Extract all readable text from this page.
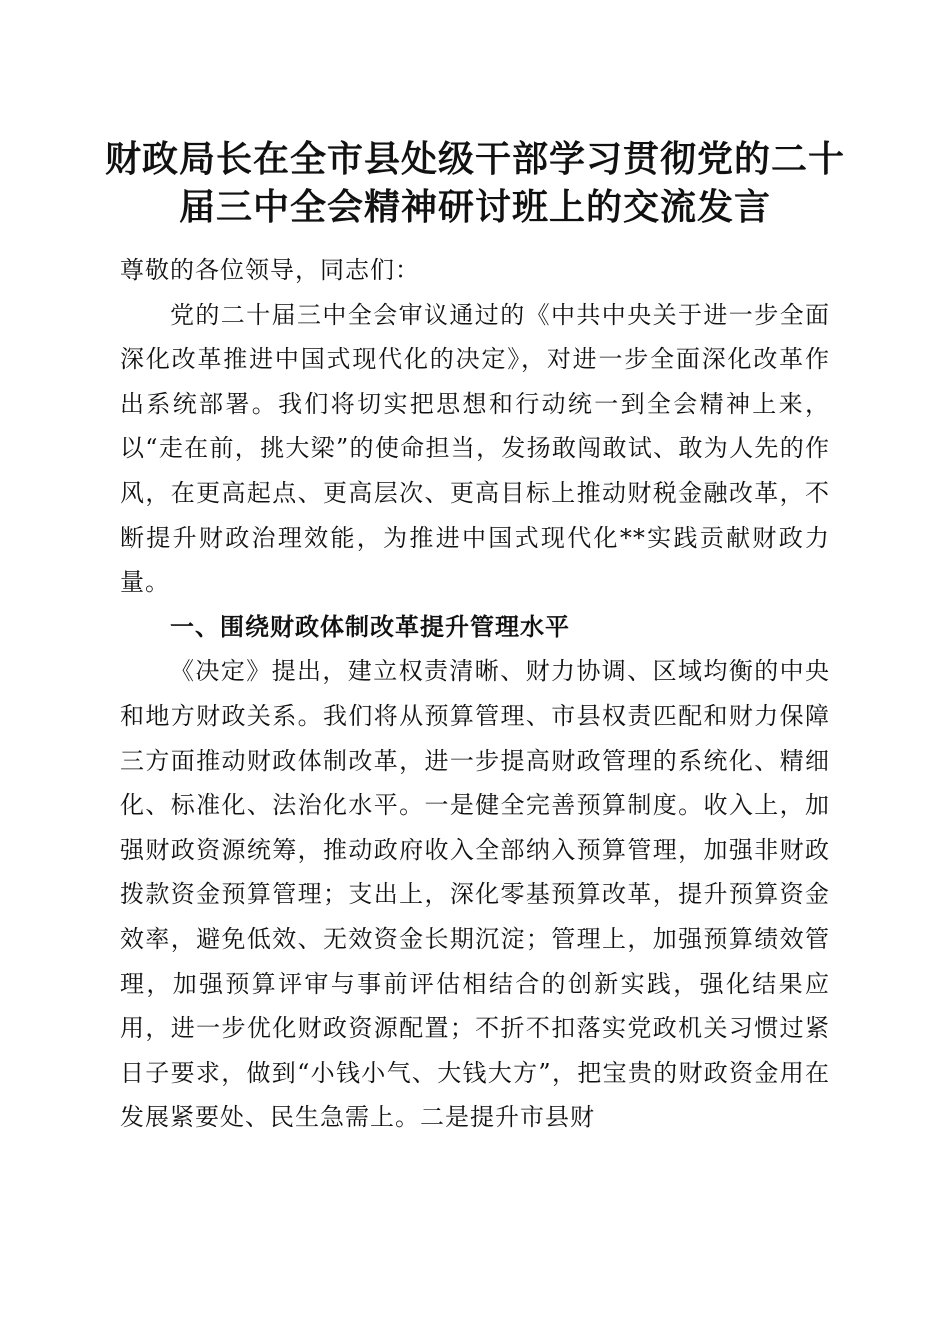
财政局长在全市县处级干部学习贯彻党的二十
届三中全会精神研讨班上的交流发言

尊敬的各位领导，同志们：

党的二十届三中全会审议通过的《中共中央关于进一步全面深化改革推进中国式现代化的决定》，对进一步全面深化改革作出系统部署。我们将切实把思想和行动统一到全会精神上来，以“走在前，挑大梁”的使命担当，发扬敢闯敢试、敢为人先的作风，在更高起点、更高层次、更高目标上推动财税金融改革，不断提升财政治理效能，为推进中国式现代化**实践贡献财政力量。

一、围绕财政体制改革提升管理水平

《决定》提出，建立权责清晰、财力协调、区域均衡的中央和地方财政关系。我们将从预算管理、市县权责匹配和财力保障三方面推动财政体制改革，进一步提高财政管理的系统化、精细化、标准化、法治化水平。一是健全完善预算制度。收入上，加强财政资源统筹，推动政府收入全部纳入预算管理，加强非财政拨款资金预算管理；支出上，深化零基预算改革，提升预算资金效率，避免低效、无效资金长期沉淀；管理上，加强预算绩效管理，加强预算评审与事前评估相结合的创新实践，强化结果应用，进一步优化财政资源配置；不折不扣落实党政机关习惯过紧日子要求，做到“小钱小气、大钱大方”，把宝贵的财政资金用在发展紧要处、民生急需上。二是提升市县财
